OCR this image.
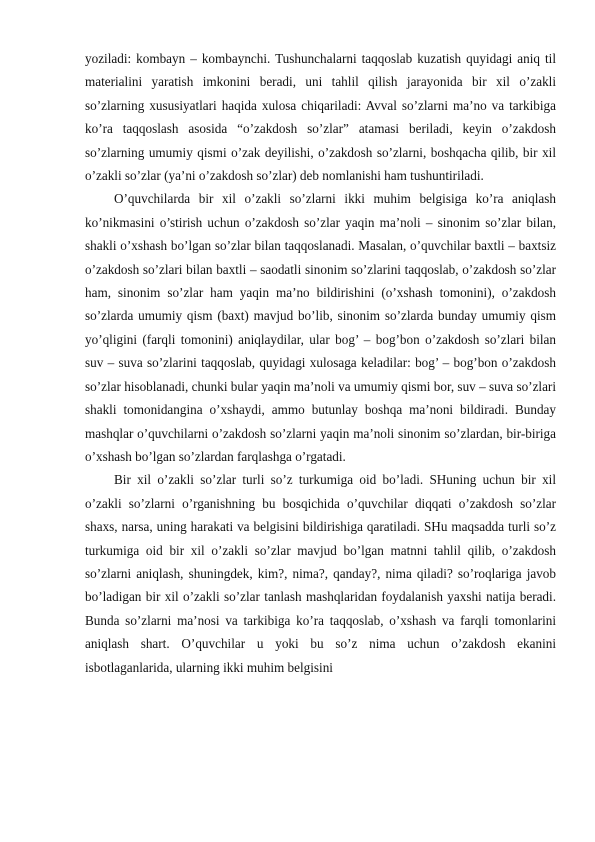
yoziladi: kombayn – kombaynchi. Tushunchalarni taqqoslab kuzatish quyidagi aniq til materialini yaratish imkonini beradi, uni tahlil qilish jarayonida bir xil o’zakli so’zlarning xususiyatlari haqida xulosa chiqariladi: Avval so’zlarni ma’no va tarkibiga ko’ra taqqoslash asosida “o’zakdosh so’zlar” atamasi beriladi, keyin o’zakdosh so’zlarning umumiy qismi o’zak deyilishi, o’zakdosh so’zlarni, boshqacha qilib, bir xil o’zakli so’zlar (ya’ni o’zakdosh so’zlar) deb nomlanishi ham tushuntiriladi.

O’quvchilarda bir xil o’zakli so’zlarni ikki muhim belgisiga ko’ra aniqlash ko’nikmasini o’stirish uchun o’zakdosh so’zlar yaqin ma’noli – sinonim so’zlar bilan, shakli o’xshash bo’lgan so’zlar bilan taqqoslanadi. Masalan, o’quvchilar baxtli – baxtsiz o’zakdosh so’zlari bilan baxtli – saodatli sinonim so’zlarini taqqoslab, o’zakdosh so’zlar ham, sinonim so’zlar ham yaqin ma’no bildirishini (o’xshash tomonini), o’zakdosh so’zlarda umumiy qism (baxt) mavjud bo’lib, sinonim so’zlarda bunday umumiy qism yo’qligini (farqli tomonini) aniqlaydilar, ular bog’ – bog’bon o’zakdosh so’zlari bilan suv – suva so’zlarini taqqoslab, quyidagi xulosaga keladilar: bog’ – bog’bon o’zakdosh so’zlar hisoblanadi, chunki bular yaqin ma’noli va umumiy qismi bor, suv – suva so’zlari shakli tomonidangina o’xshaydi, ammo butunlay boshqa ma’noni bildiradi. Bunday mashqlar o’quvchilarni o’zakdosh so’zlarni yaqin ma’noli sinonim so’zlardan, bir-biriga o’xshash bo’lgan so’zlardan farqlashga o’rgatadi.

Bir xil o’zakli so’zlar turli so’z turkumiga oid bo’ladi. SHuning uchun bir xil o’zakli so’zlarni o’rganishning bu bosqichida o’quvchilar diqqati o’zakdosh so’zlar shaxs, narsa, uning harakati va belgisini bildirishiga qaratiladi. SHu maqsadda turli so’z turkumiga oid bir xil o’zakli so’zlar mavjud bo’lgan matnni tahlil qilib, o’zakdosh so’zlarni aniqlash, shuningdek, kim?, nima?, qanday?, nima qiladi? so’roqlariga javob bo’ladigan bir xil o’zakli so’zlar tanlash mashqlaridan foydalanish yaxshi natija beradi. Bunda so’zlarni ma’nosi va tarkibiga ko’ra taqqoslab, o’xshash va farqli tomonlarini aniqlash shart. O’quvchilar u yoki bu so’z nima uchun o’zakdosh ekanini isbotlaganlarida, ularning ikki muhim belgisini
